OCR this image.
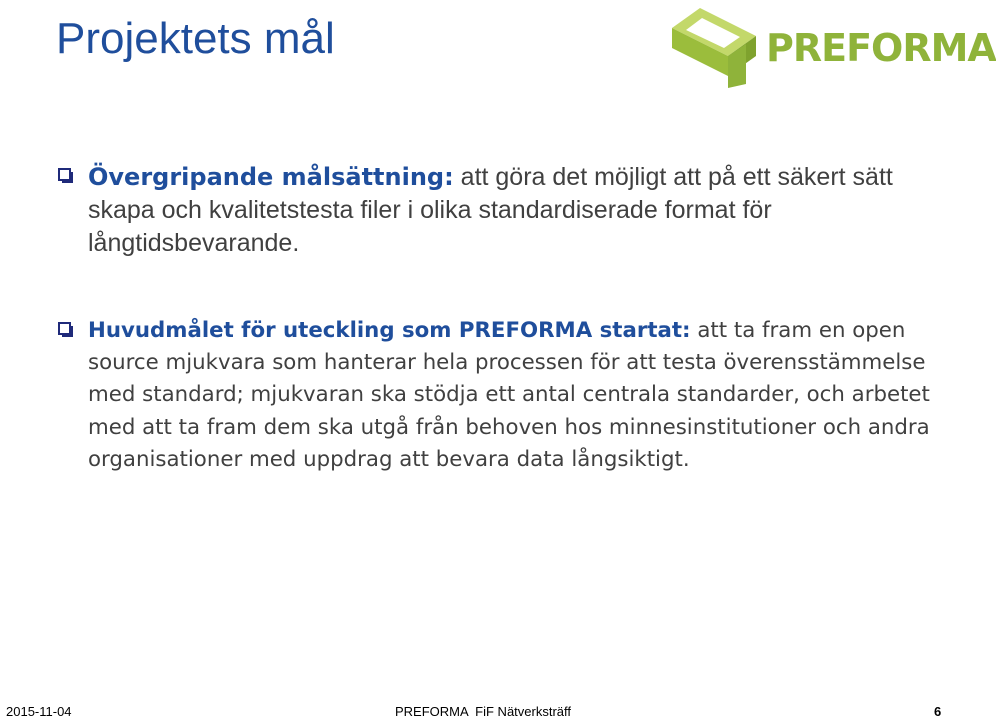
Projektets mål	PREFORMA
Övergripande målsättning: att göra det möjligt att på ett säkert sätt skapa och kvalitetstesta filer i olika standardiserade format för långtidsbevarande.
Huvudmålet för uteckling som PREFORMA startat: att ta fram en open source mjukvara som hanterar hela processen för att testa överensstämmelse med standard; mjukvaran ska stödja ett antal centrala standarder, och arbetet med att ta fram dem ska utgå från behoven hos minnesinstitutioner och andra organisationer med uppdrag att bevara data långsiktigt.
2015-11-04	PREFORMA  FiF Nätverksträff	6
